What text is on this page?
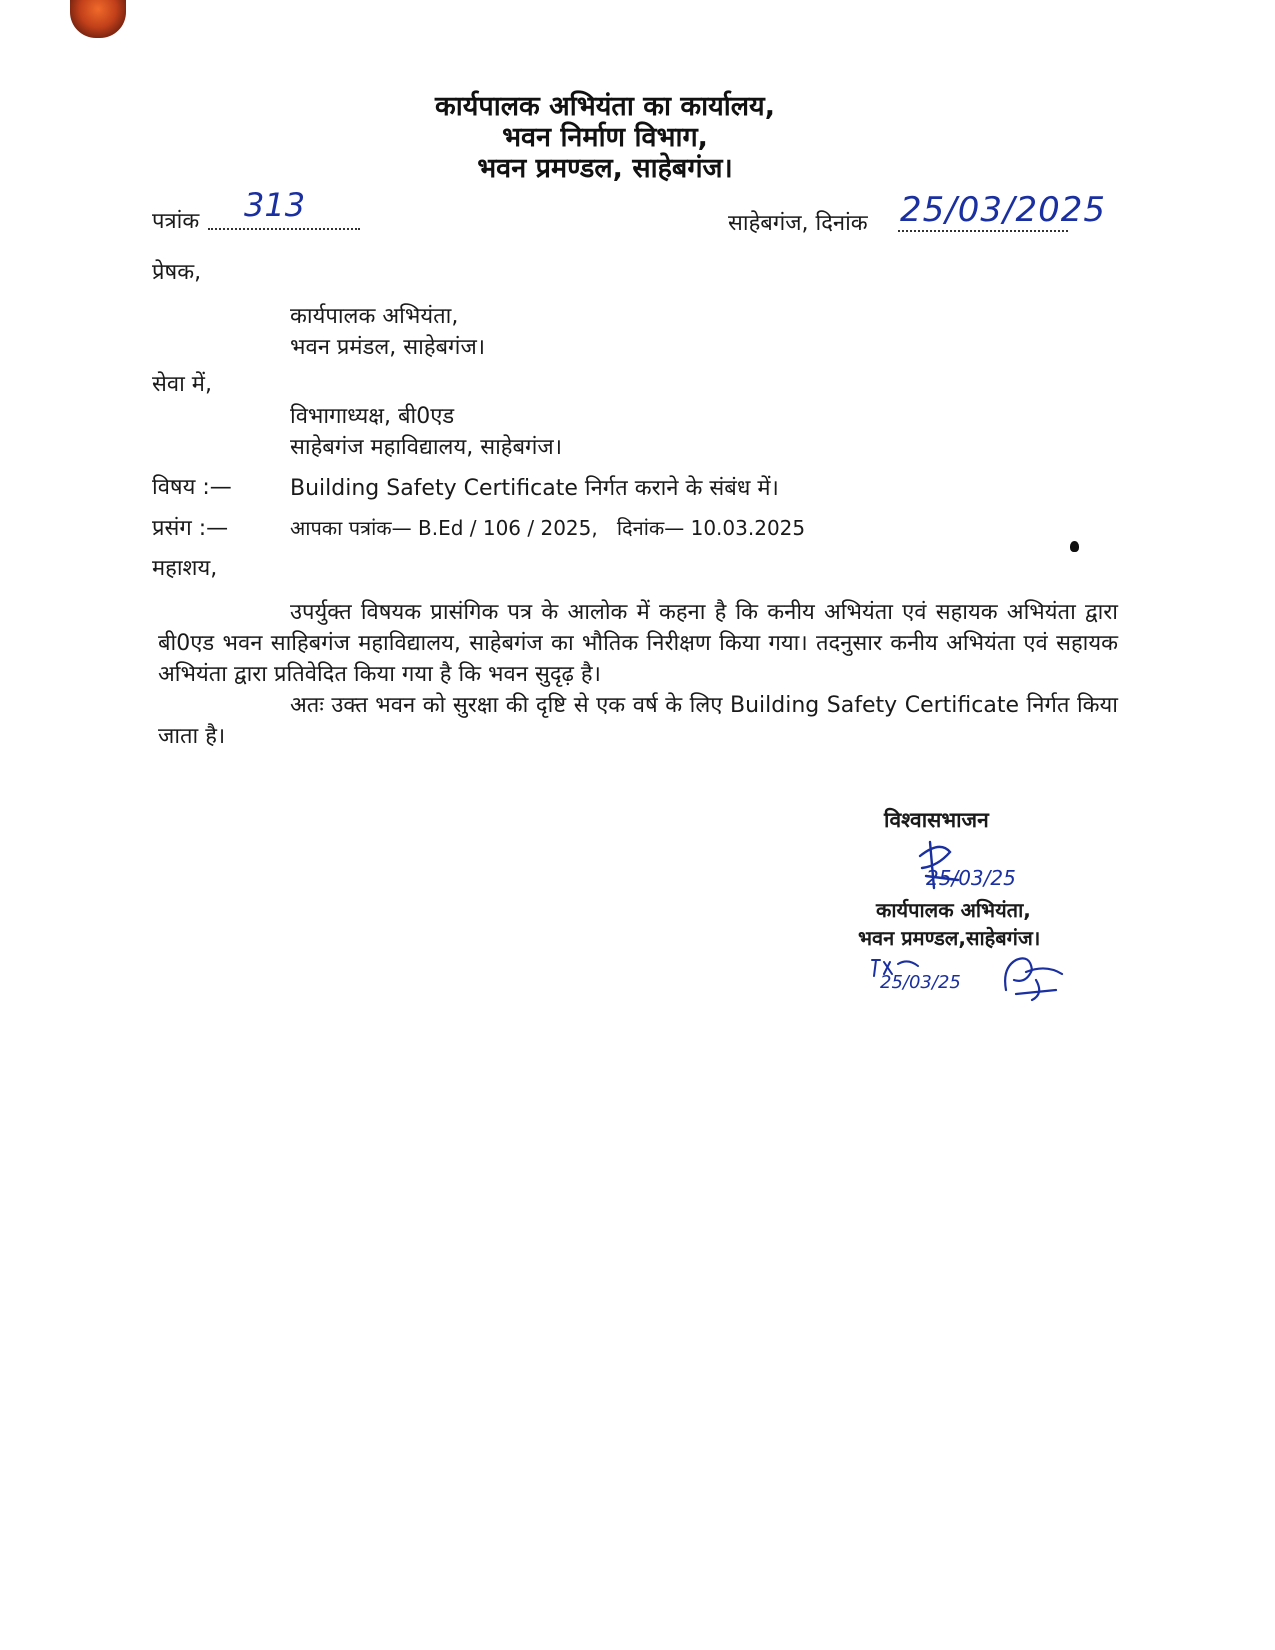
कार्यपालक अभियंता का कार्यालय,
भवन निर्माण विभाग,
भवन प्रमण्डल, साहेबगंज।
पत्रांक 313	साहेबगंज, दिनांक 25/03/2025
प्रेषक,
कार्यपालक अभियंता,
भवन प्रमंडल, साहेबगंज।
सेवा में,
विभागाध्यक्ष, बी0एड
साहेबगंज महाविद्यालय, साहेबगंज।
विषय :—	Building Safety Certificate निर्गत कराने के संबंध में।
प्रसंग :—	आपका पत्रांक— B.Ed / 106 / 2025,   दिनांक— 10.03.2025
महाशय,
उपर्युक्त विषयक प्रासंगिक पत्र के आलोक में कहना है कि कनीय अभियंता एवं सहायक अभियंता द्वारा बी0एड भवन साहिबगंज महाविद्यालय, साहेबगंज का भौतिक निरीक्षण किया गया। तदनुसार कनीय अभियंता एवं सहायक अभियंता द्वारा प्रतिवेदित किया गया है कि भवन सुदृढ़ है।
अतः उक्त भवन को सुरक्षा की दृष्टि से एक वर्ष के लिए Building Safety Certificate निर्गत किया जाता है।
विश्वासभाजन
25/03/25
कार्यपालक अभियंता,
भवन प्रमण्डल,साहेबगंज।
25/03/25
